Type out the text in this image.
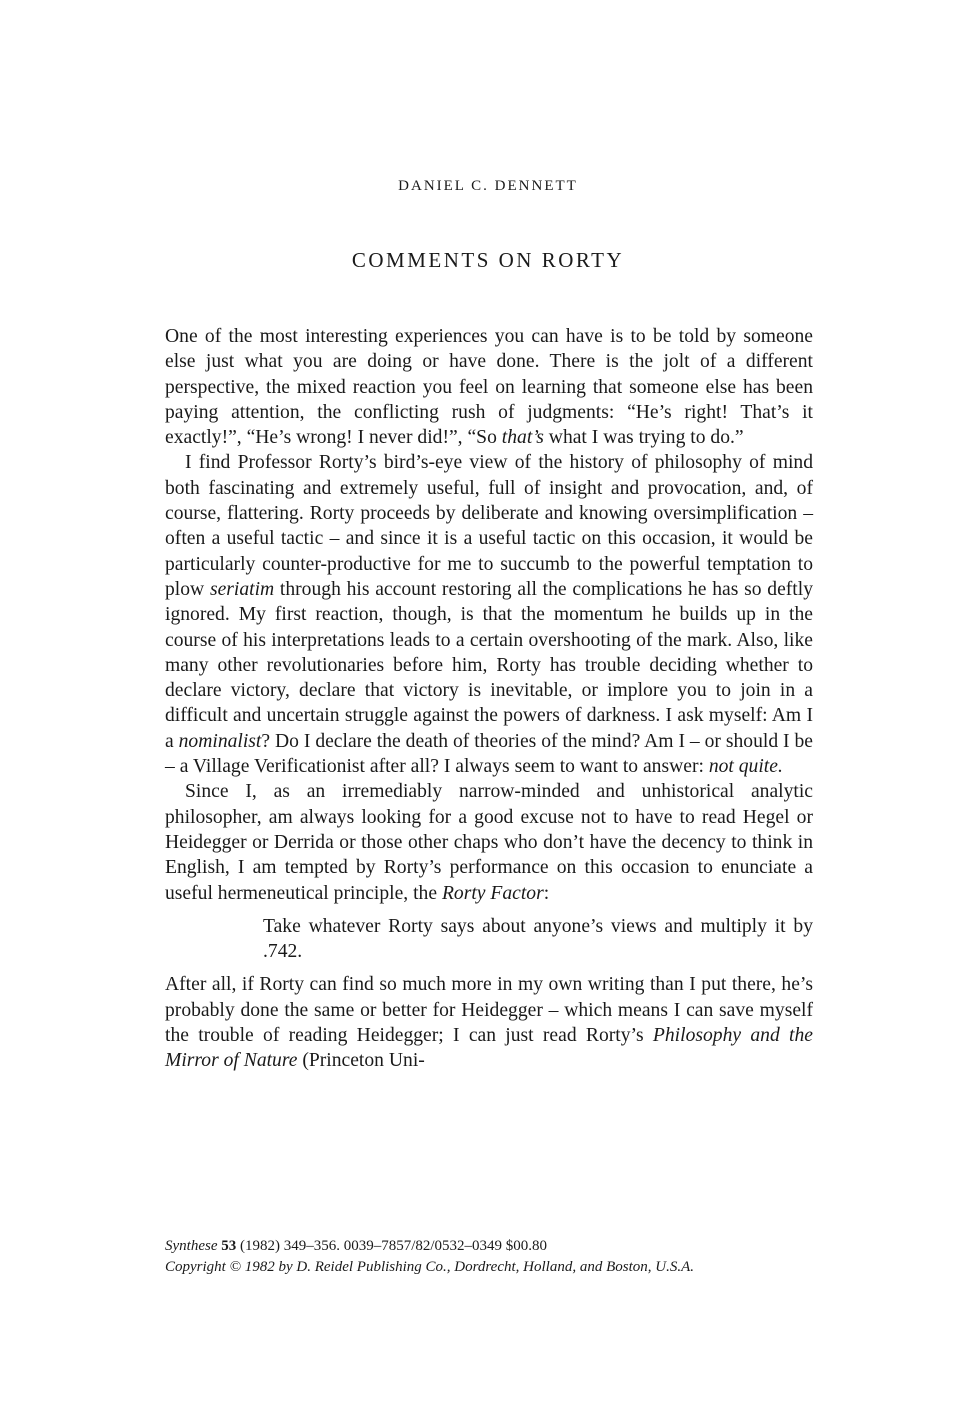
DANIEL C. DENNETT
COMMENTS ON RORTY

One of the most interesting experiences you can have is to be told by someone else just what you are doing or have done. There is the jolt of a different perspective, the mixed reaction you feel on learning that someone else has been paying attention, the conflicting rush of judgments: “He’s right! That’s it exactly!”, “He’s wrong! I never did!”, “So that’s what I was trying to do.”

I find Professor Rorty’s bird’s-eye view of the history of philosophy of mind both fascinating and extremely useful, full of insight and provocation, and, of course, flattering. Rorty proceeds by deliberate and knowing oversimplification – often a useful tactic – and since it is a useful tactic on this occasion, it would be particularly counter-productive for me to succumb to the powerful temptation to plow seriatim through his account restoring all the complications he has so deftly ignored. My first reaction, though, is that the momentum he builds up in the course of his interpretations leads to a certain overshooting of the mark. Also, like many other revolutionaries before him, Rorty has trouble deciding whether to declare victory, declare that victory is inevitable, or implore you to join in a difficult and uncertain struggle against the powers of darkness. I ask myself: Am I a nominalist? Do I declare the death of theories of the mind? Am I – or should I be – a Village Verificationist after all? I always seem to want to answer: not quite.

Since I, as an irremediably narrow-minded and unhistorical analytic philosopher, am always looking for a good excuse not to have to read Hegel or Heidegger or Derrida or those other chaps who don’t have the decency to think in English, I am tempted by Rorty’s performance on this occasion to enunciate a useful hermeneutical principle, the Rorty Factor:

Take whatever Rorty says about anyone’s views and multiply it by .742.

After all, if Rorty can find so much more in my own writing than I put there, he’s probably done the same or better for Heidegger – which means I can save myself the trouble of reading Heidegger; I can just read Rorty’s Philosophy and the Mirror of Nature (Princeton Uni-

Synthese 53 (1982) 349–356. 0039–7857/82/0532–0349 $00.80
Copyright © 1982 by D. Reidel Publishing Co., Dordrecht, Holland, and Boston, U.S.A.
